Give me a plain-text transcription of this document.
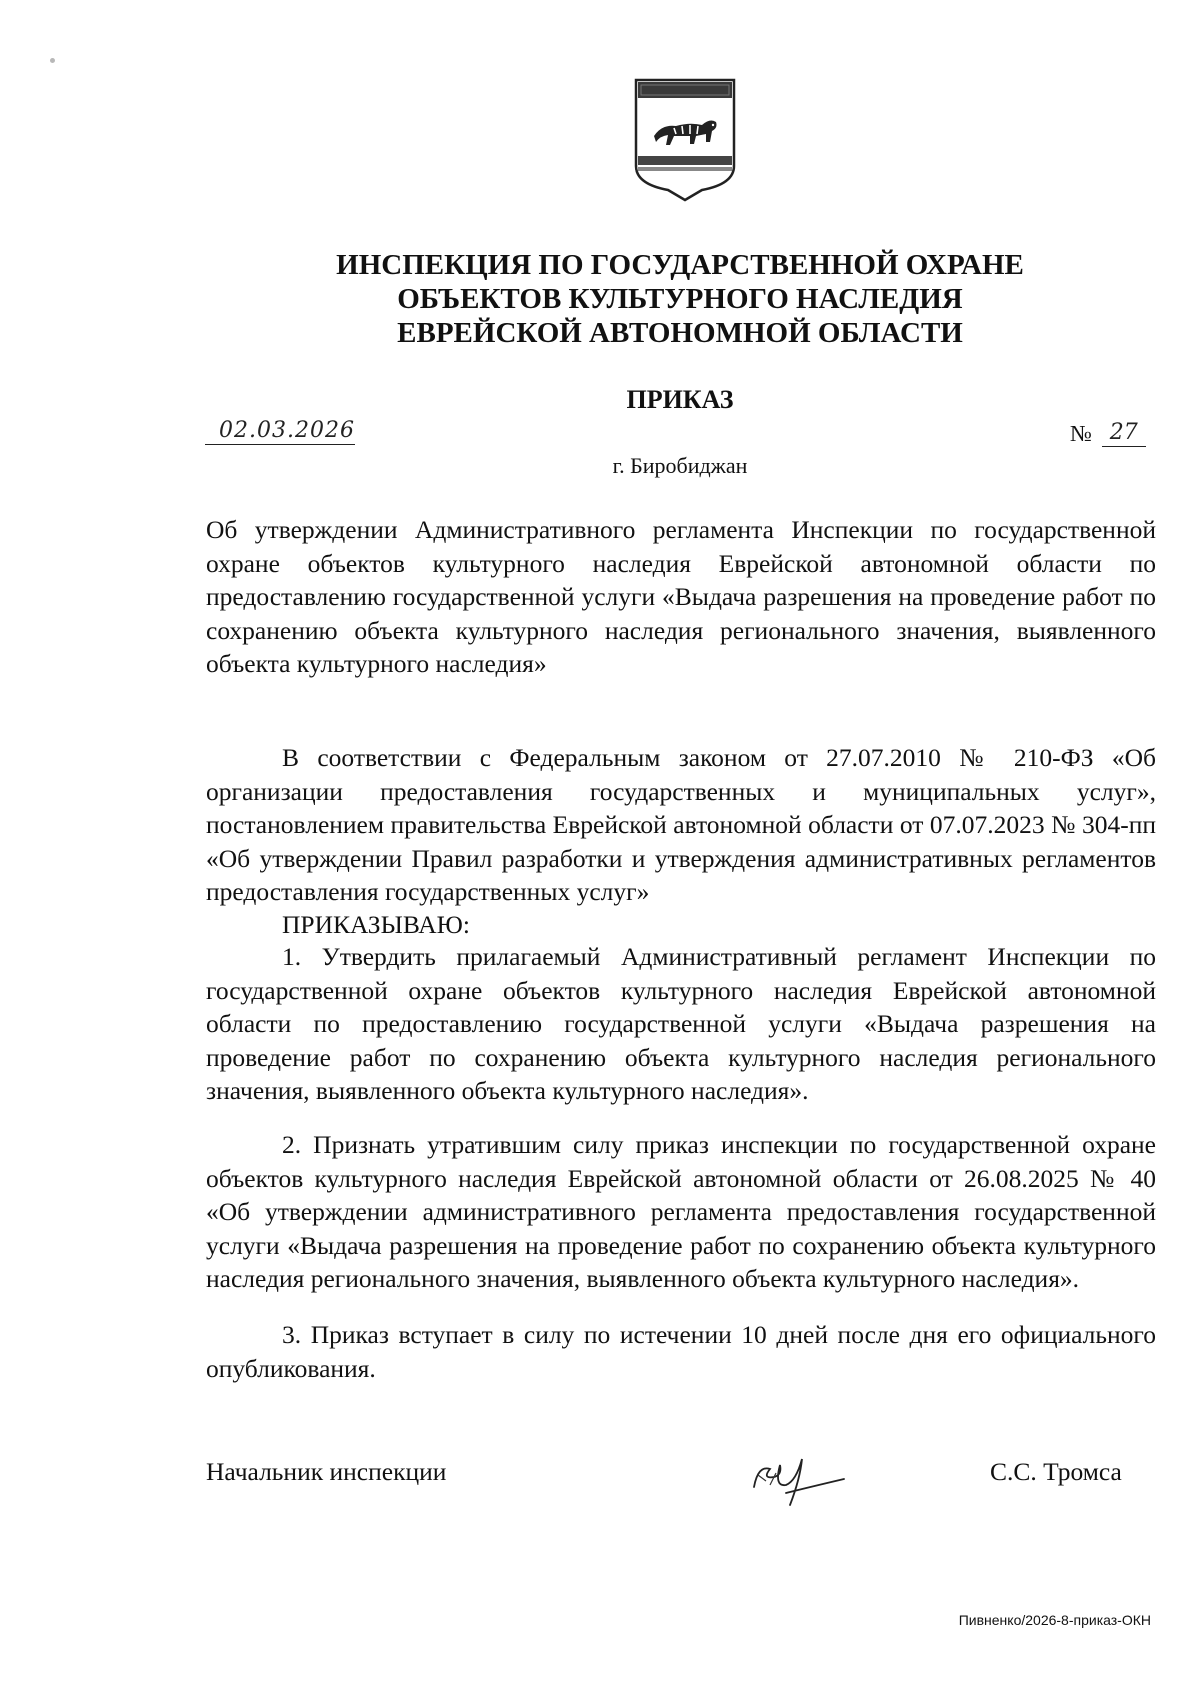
ИНСПЕКЦИЯ ПО ГОСУДАРСТВЕННОЙ ОХРАНЕ
ОБЪЕКТОВ КУЛЬТУРНОГО НАСЛЕДИЯ
ЕВРЕЙСКОЙ АВТОНОМНОЙ ОБЛАСТИ
ПРИКАЗ
02.03.2026	№ 27
г. Биробиджан
Об утверждении Административного регламента Инспекции по государственной охране объектов культурного наследия Еврейской автономной области по предоставлению государственной услуги «Выдача разрешения на проведение работ по сохранению объекта культурного наследия регионального значения, выявленного объекта культурного наследия»
В соответствии с Федеральным законом от 27.07.2010 № 210-ФЗ «Об организации предоставления государственных и муниципальных услуг», постановлением правительства Еврейской автономной области от 07.07.2023 № 304-пп «Об утверждении Правил разработки и утверждения административных регламентов предоставления государственных услуг»
ПРИКАЗЫВАЮ:
1. Утвердить прилагаемый Административный регламент Инспекции по государственной охране объектов культурного наследия Еврейской автономной области по предоставлению государственной услуги «Выдача разрешения на проведение работ по сохранению объекта культурного наследия регионального значения, выявленного объекта культурного наследия».
2. Признать утратившим силу приказ инспекции по государственной охране объектов культурного наследия Еврейской автономной области от 26.08.2025 № 40 «Об утверждении административного регламента предоставления государственной услуги «Выдача разрешения на проведение работ по сохранению объекта культурного наследия регионального значения, выявленного объекта культурного наследия».
3. Приказ вступает в силу по истечении 10 дней после дня его официального опубликования.
Начальник инспекции	С.С. Тромса
Пивненко/2026-8-приказ-ОКН
